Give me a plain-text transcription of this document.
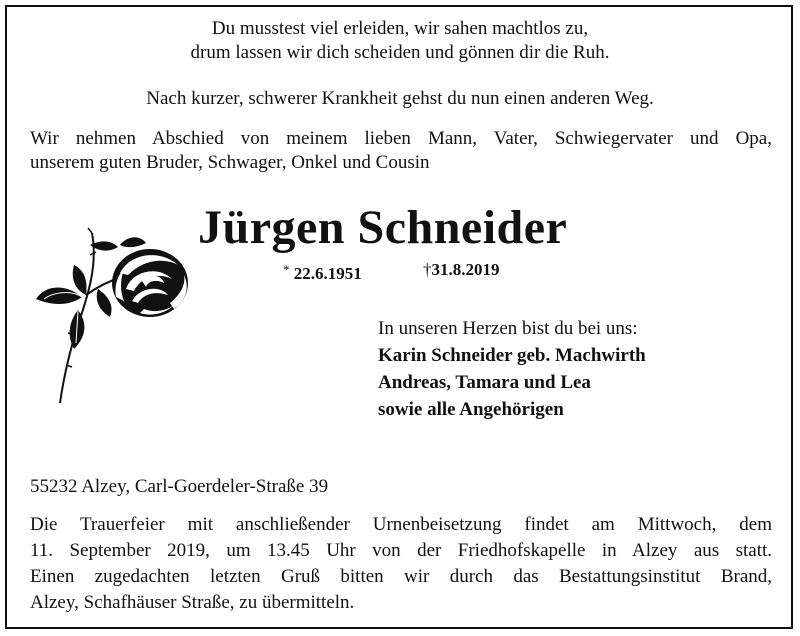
Du musstest viel erleiden, wir sahen machtlos zu,
drum lassen wir dich scheiden und gönnen dir die Ruh.
Nach kurzer, schwerer Krankheit gehst du nun einen anderen Weg.
Wir nehmen Abschied von meinem lieben Mann, Vater, Schwiegervater und Opa,
unserem guten Bruder, Schwager, Onkel und Cousin
Jürgen Schneider
* 22.6.1951	†31.8.2019
In unseren Herzen bist du bei uns:
Karin Schneider geb. Machwirth
Andreas, Tamara und Lea
sowie alle Angehörigen
55232 Alzey, Carl-Goerdeler-Straße 39
Die Trauerfeier mit anschließender Urnenbeisetzung findet am Mittwoch, dem
11. September 2019, um 13.45 Uhr von der Friedhofskapelle in Alzey aus statt.
Einen zugedachten letzten Gruß bitten wir durch das Bestattungsinstitut Brand,
Alzey, Schafhäuser Straße, zu übermitteln.
